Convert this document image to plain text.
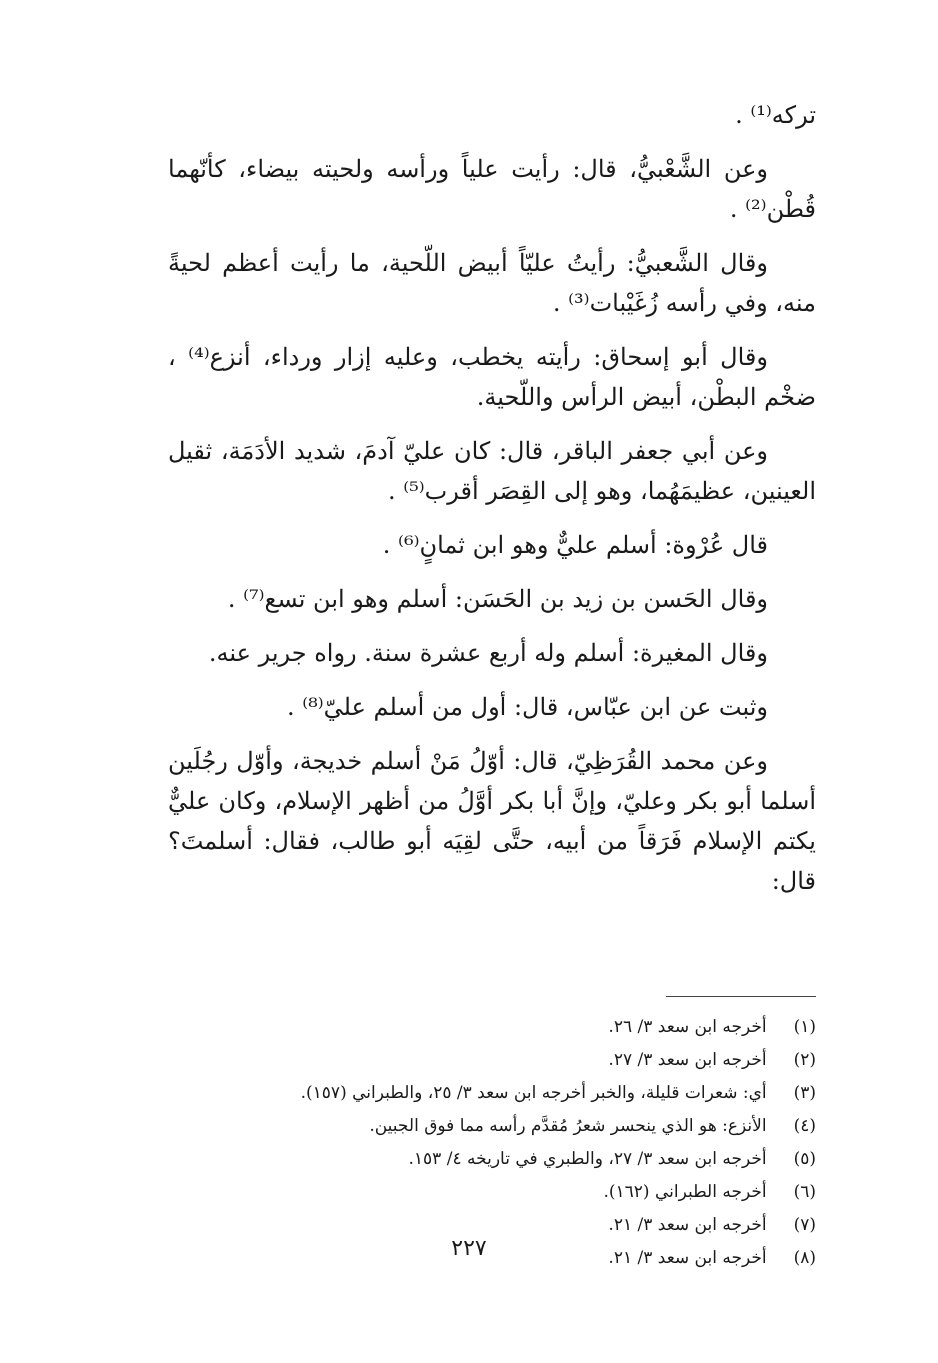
تركه⁽¹⁾ .

وعن الشَّعْبيُّ، قال: رأيت علياً ورأسه ولحيته بيضاء، كأنّهما قُطْن⁽²⁾ .

وقال الشَّعبيُّ: رأيتُ عليّاً أبيض اللّحية، ما رأيت أعظم لحيةً منه، وفي رأسه زُغَيْبات⁽³⁾ .

وقال أبو إسحاق: رأيته يخطب، وعليه إزار ورداء، أنزع⁽⁴⁾ ، ضخْم البطْن، أبيض الرأس واللّحية.

وعن أبي جعفر الباقر، قال: كان عليّ آدمَ، شديد الأدَمَة، ثقيل العينين، عظيمَهُما، وهو إلى القِصَر أقرب⁽⁵⁾ .

قال عُرْوة: أسلم عليٌّ وهو ابن ثمانٍ⁽⁶⁾ .

وقال الحَسن بن زيد بن الحَسَن: أسلم وهو ابن تسع⁽⁷⁾ .

وقال المغيرة: أسلم وله أربع عشرة سنة. رواه جرير عنه.

وثبت عن ابن عبّاس، قال: أول من أسلم عليّ⁽⁸⁾ .

وعن محمد القُرَظِيّ، قال: أوّلُ مَنْ أسلم خديجة، وأوّل رجُلَين أسلما أبو بكر وعليّ، وإنَّ أبا بكر أوَّلُ من أظهر الإسلام، وكان عليٌّ يكتم الإسلام فَرَقاً من أبيه، حتَّى لقِيَه أبو طالب، فقال: أسلمتَ؟ قال:

(١) أخرجه ابن سعد ٣/ ٢٦.
(٢) أخرجه ابن سعد ٣/ ٢٧.
(٣) أي: شعرات قليلة، والخبر أخرجه ابن سعد ٣/ ٢٥، والطبراني (١٥٧).
(٤) الأنزع: هو الذي ينحسر شعرُ مُقدَّم رأسه مما فوق الجبين.
(٥) أخرجه ابن سعد ٣/ ٢٧، والطبري في تاريخه ٤/ ١٥٣.
(٦) أخرجه الطبراني (١٦٢).
(٧) أخرجه ابن سعد ٣/ ٢١.
(٨) أخرجه ابن سعد ٣/ ٢١.
٢٢٧
